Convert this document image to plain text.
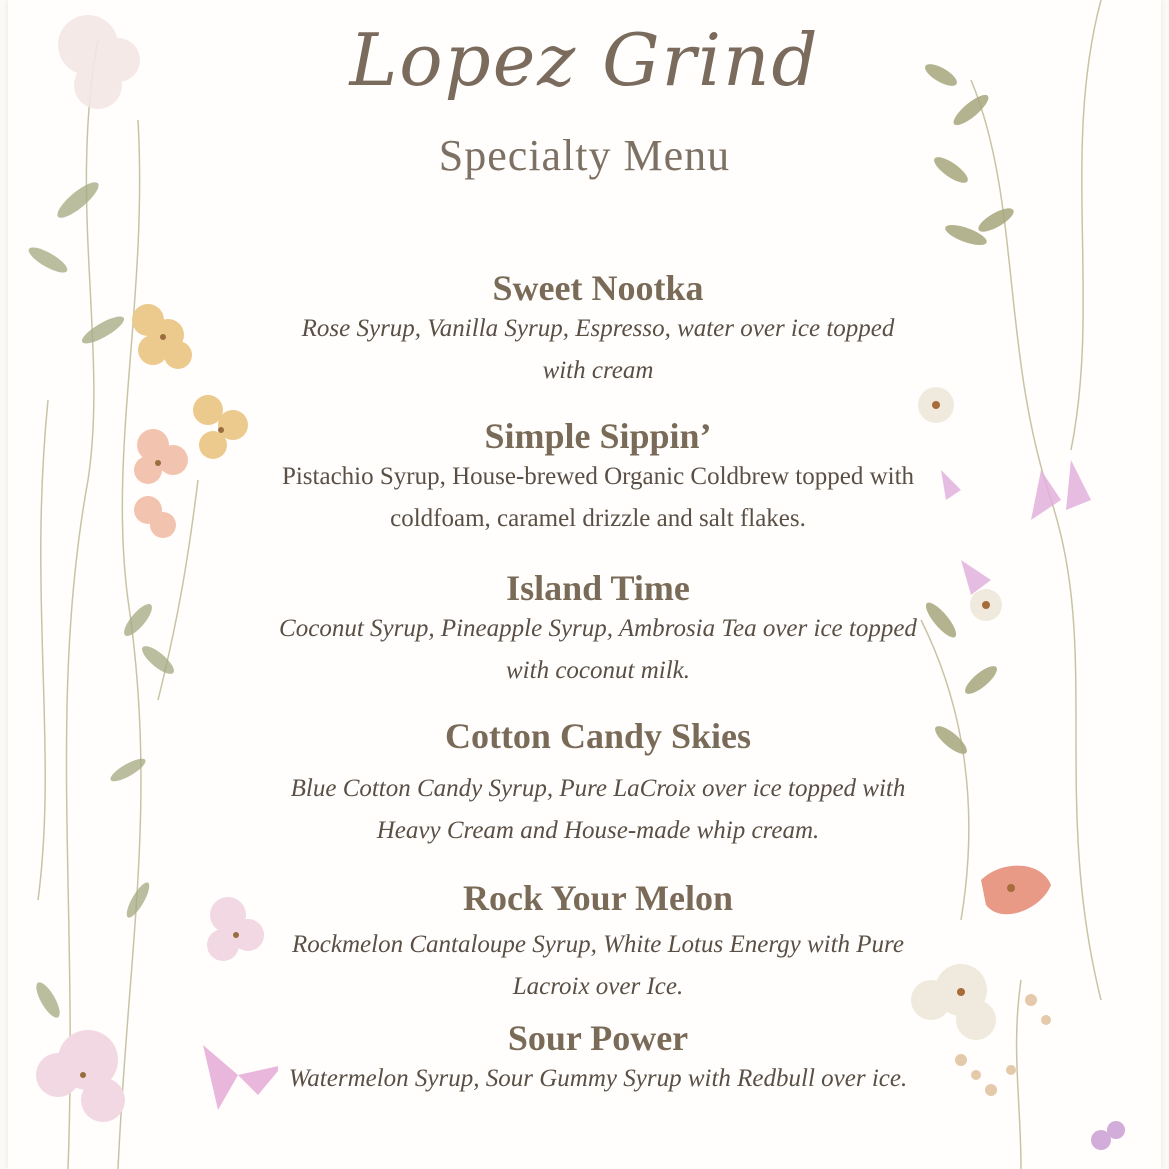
Lopez Grind
Specialty Menu
Sweet Nootka
Rose Syrup, Vanilla Syrup, Espresso, water over ice topped with cream
Simple Sippin’
Pistachio Syrup, House-brewed Organic Coldbrew topped with coldfoam, caramel drizzle and salt flakes.
Island Time
Coconut Syrup, Pineapple Syrup, Ambrosia Tea over ice topped with coconut milk.
Cotton Candy Skies
Blue Cotton Candy Syrup, Pure LaCroix over ice topped with Heavy Cream and House-made whip cream.
Rock Your Melon
Rockmelon Cantaloupe Syrup, White Lotus Energy with Pure Lacroix over Ice.
Sour Power
Watermelon Syrup, Sour Gummy Syrup with Redbull over ice.
